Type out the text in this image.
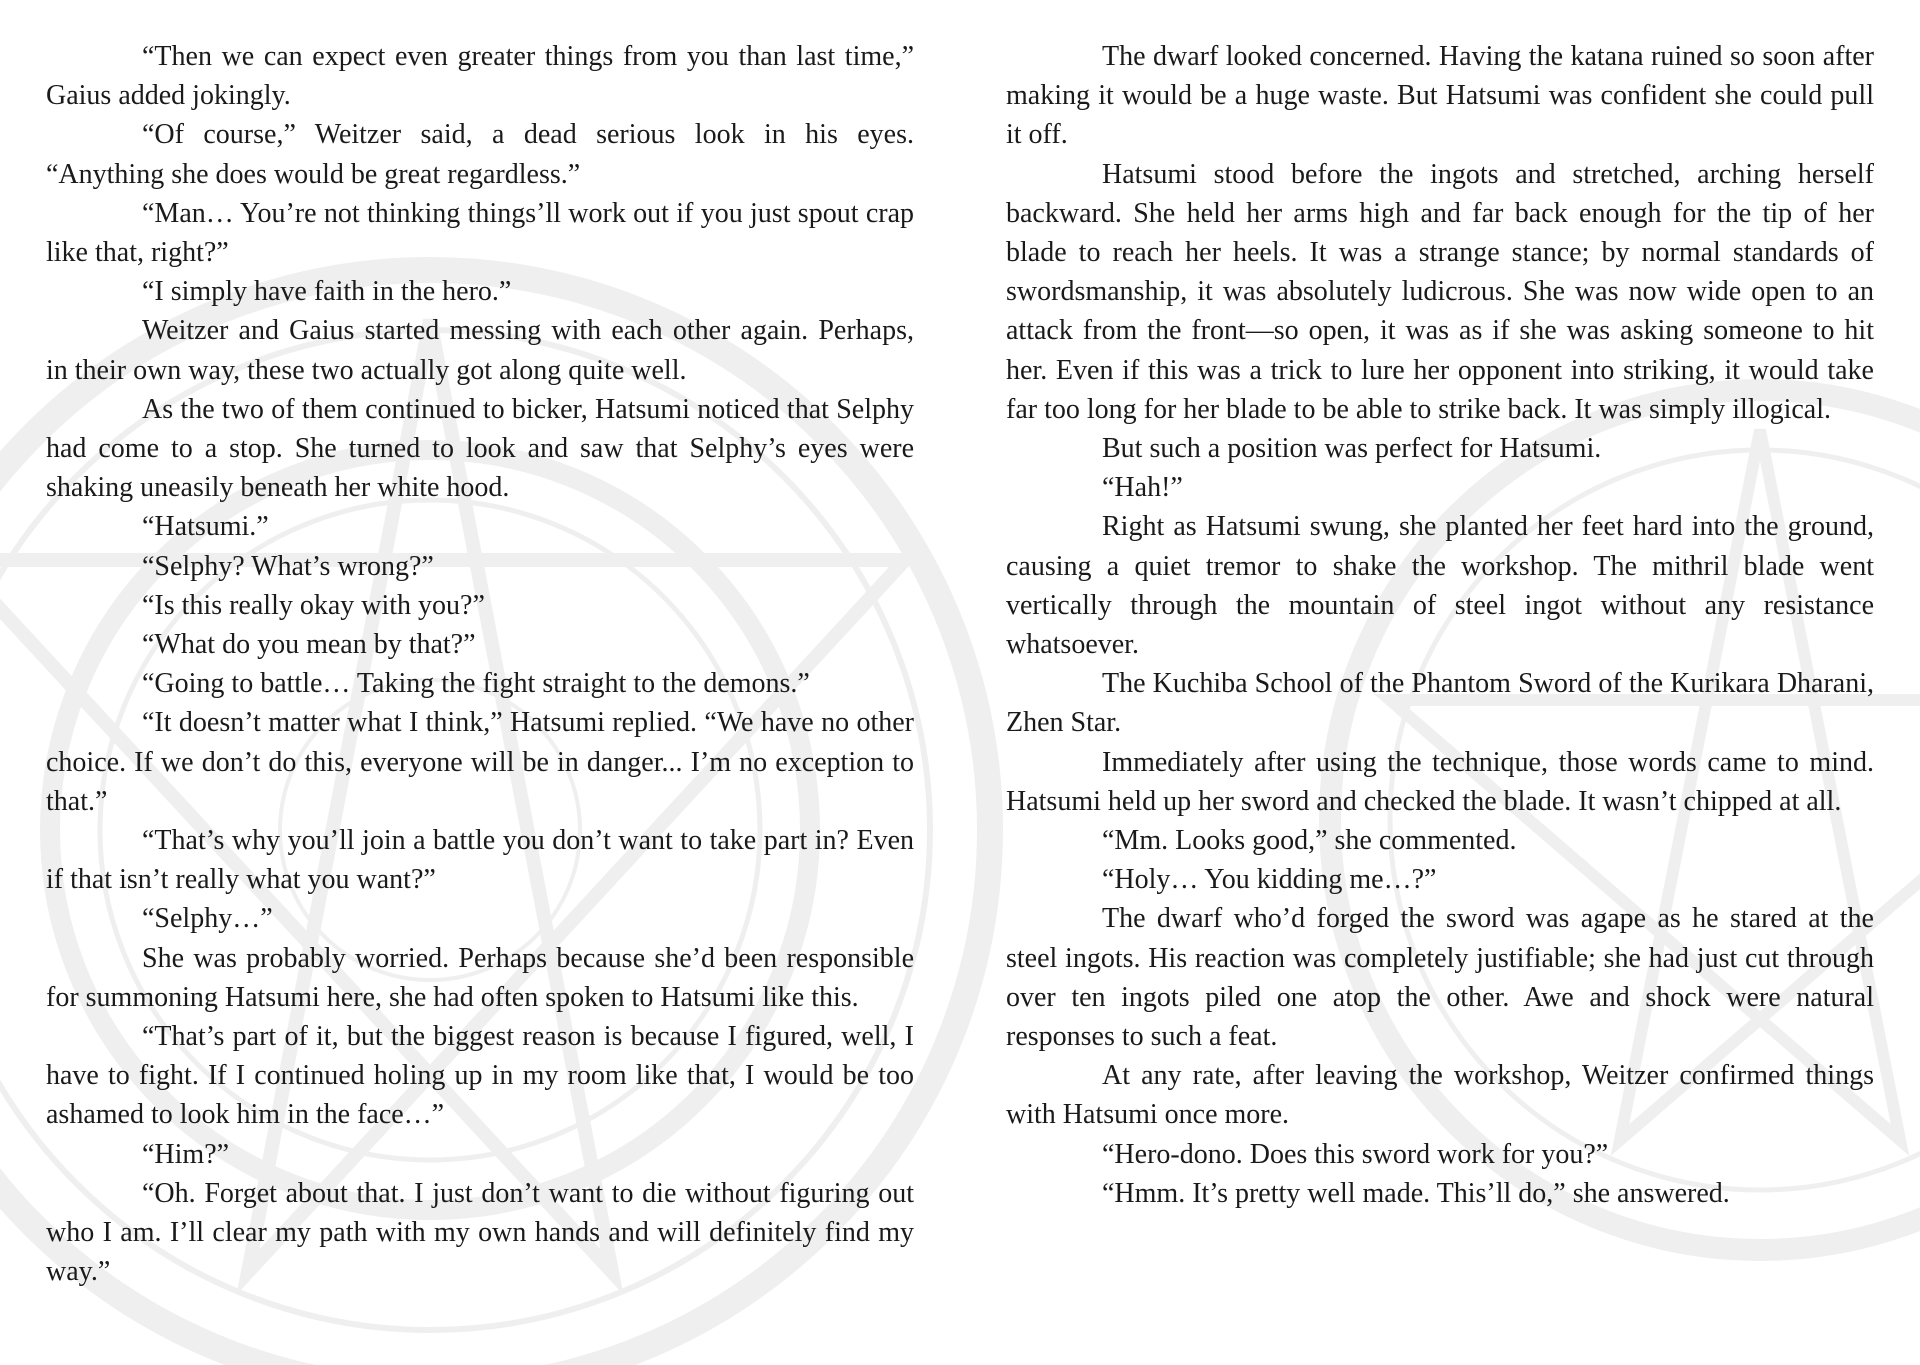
“Then we can expect even greater things from you than last time,” Gaius added jokingly.

“Of course,” Weitzer said, a dead serious look in his eyes. “Anything she does would be great regardless.”

“Man… You’re not thinking things’ll work out if you just spout crap like that, right?”

“I simply have faith in the hero.”

Weitzer and Gaius started messing with each other again. Perhaps, in their own way, these two actually got along quite well.

As the two of them continued to bicker, Hatsumi noticed that Selphy had come to a stop. She turned to look and saw that Selphy’s eyes were shaking uneasily beneath her white hood.

“Hatsumi.”

“Selphy? What’s wrong?”

“Is this really okay with you?”

“What do you mean by that?”

“Going to battle… Taking the fight straight to the demons.”

“It doesn’t matter what I think,” Hatsumi replied. “We have no other choice. If we don’t do this, everyone will be in danger... I’m no exception to that.”

“That’s why you’ll join a battle you don’t want to take part in? Even if that isn’t really what you want?”

“Selphy…”

She was probably worried. Perhaps because she’d been responsible for summoning Hatsumi here, she had often spoken to Hatsumi like this.

“That’s part of it, but the biggest reason is because I figured, well, I have to fight. If I continued holing up in my room like that, I would be too ashamed to look him in the face…”

“Him?”

“Oh. Forget about that. I just don’t want to die without figuring out who I am. I’ll clear my path with my own hands and will definitely find my way.”

The dwarf looked concerned. Having the katana ruined so soon after making it would be a huge waste. But Hatsumi was confident she could pull it off.

Hatsumi stood before the ingots and stretched, arching herself backward. She held her arms high and far back enough for the tip of her blade to reach her heels. It was a strange stance; by normal standards of swordsmanship, it was absolutely ludicrous. She was now wide open to an attack from the front—so open, it was as if she was asking someone to hit her. Even if this was a trick to lure her opponent into striking, it would take far too long for her blade to be able to strike back. It was simply illogical.

But such a position was perfect for Hatsumi.

“Hah!”

Right as Hatsumi swung, she planted her feet hard into the ground, causing a quiet tremor to shake the workshop. The mithril blade went vertically through the mountain of steel ingot without any resistance whatsoever.

The Kuchiba School of the Phantom Sword of the Kurikara Dharani, Zhen Star.

Immediately after using the technique, those words came to mind. Hatsumi held up her sword and checked the blade. It wasn’t chipped at all.

“Mm. Looks good,” she commented.

“Holy… You kidding me…?”

The dwarf who’d forged the sword was agape as he stared at the steel ingots. His reaction was completely justifiable; she had just cut through over ten ingots piled one atop the other. Awe and shock were natural responses to such a feat.

At any rate, after leaving the workshop, Weitzer confirmed things with Hatsumi once more.

“Hero-dono. Does this sword work for you?”

“Hmm. It’s pretty well made. This’ll do,” she answered.
